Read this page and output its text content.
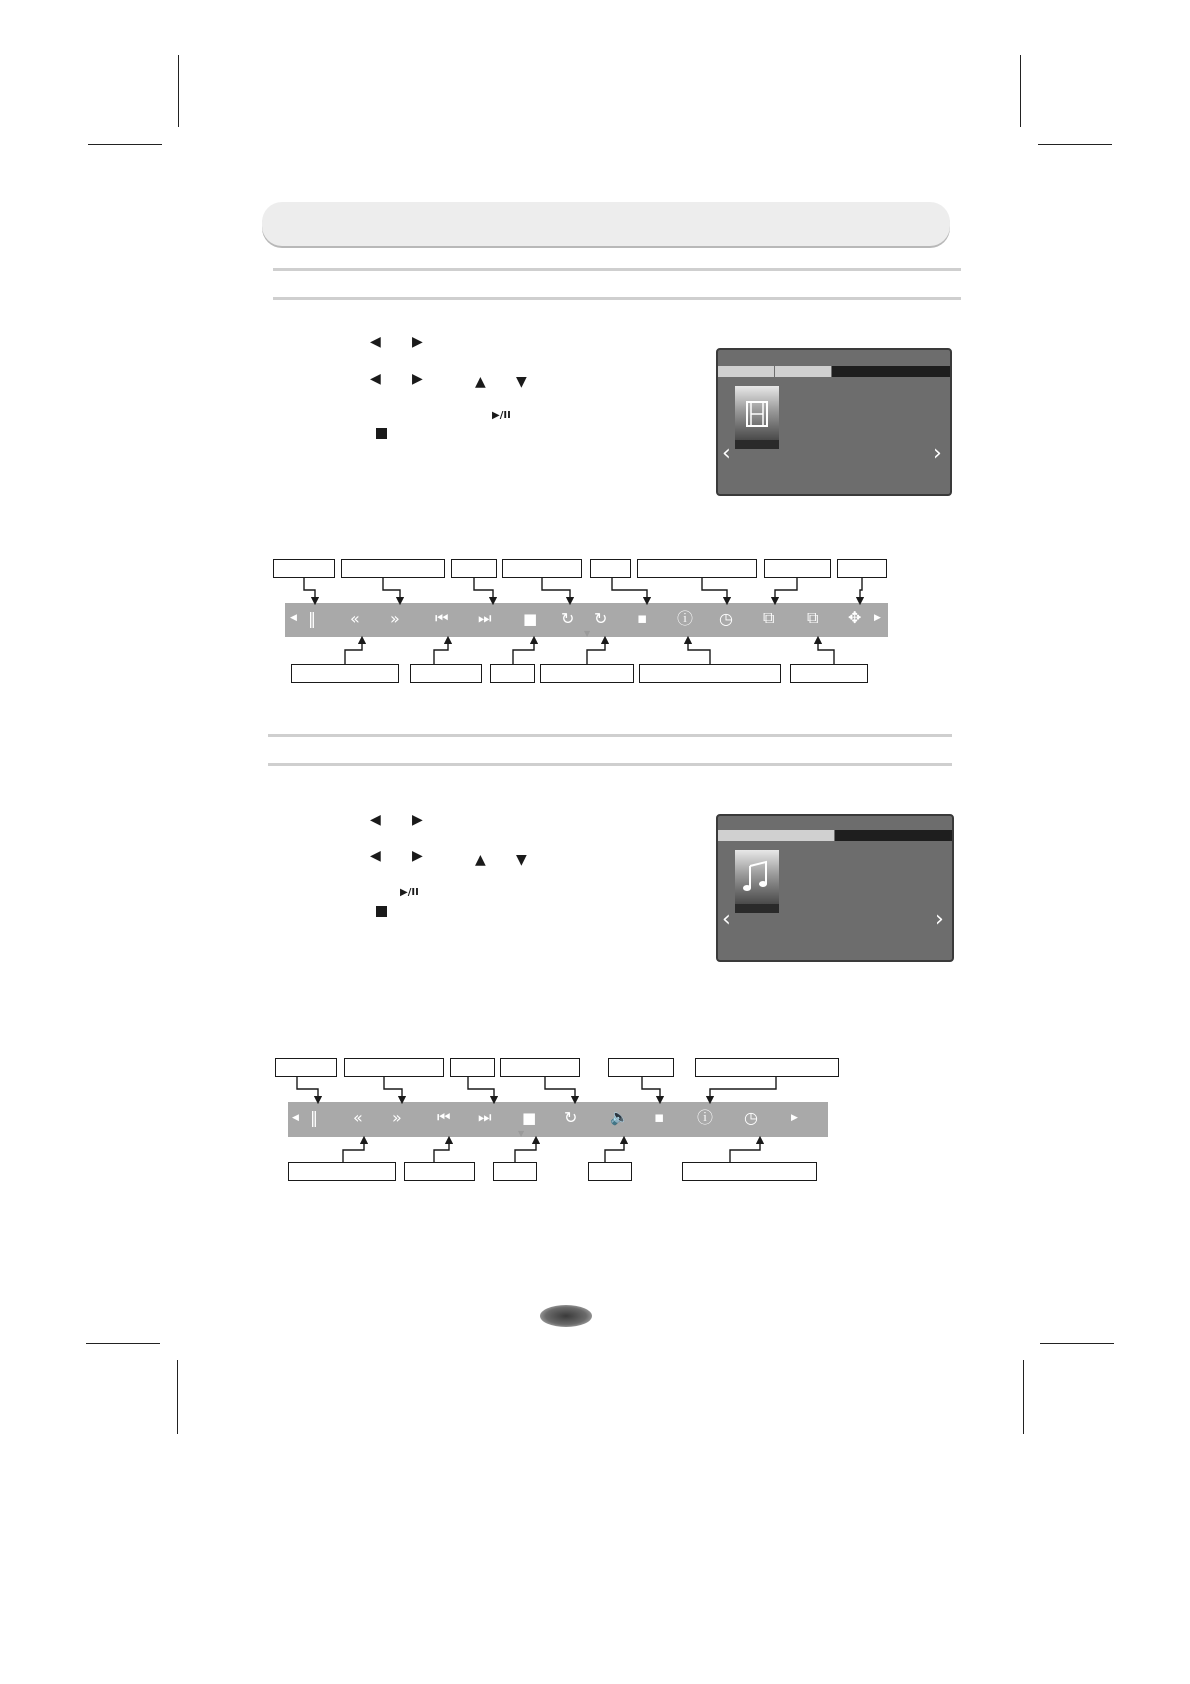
◀ ▶
◀ ▶	▲ ▼
▶/II
‹	›
◀ ‖ « » ⏮ ⏭ ■ ↻ ↻ ▪ ⓘ ◷ ⧉ ⧉ ✥ ▶
▼
◀ ▶
◀ ▶	▲ ▼
▶/II
‹	›
◀ ‖ « » ⏮ ⏭ ■ ↻ 🔈 ▪ ⓘ ◷	▶
▼
